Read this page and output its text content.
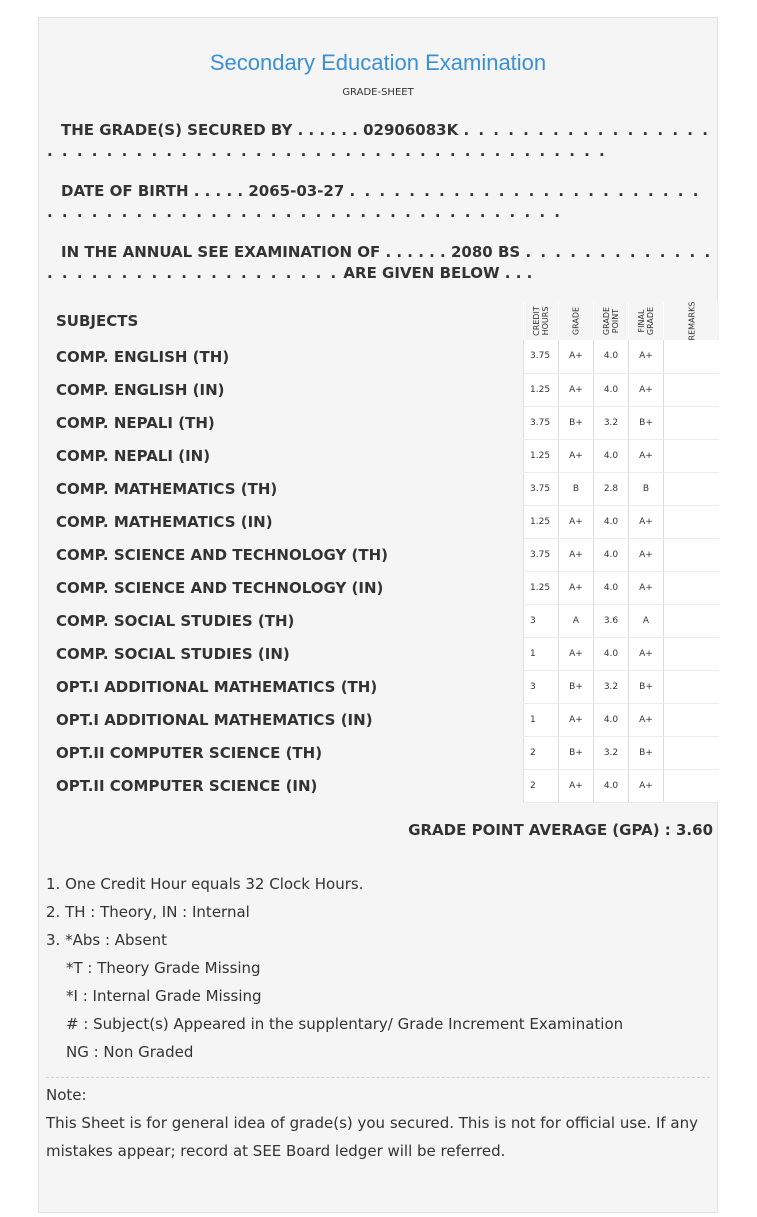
Secondary Education Examination
GRADE-SHEET
THE GRADE(S) SECURED BY . . . . . . 02906083K . . . . . . . . . . . . . . . . . . . . . . . . . . . . . . . . . . . . . . . . . . . . . . . . . . . . . . .
DATE OF BIRTH . . . . . 2065-03-27 . . . . . . . . . . . . . . . . . . . . . . . . . . . . . . . . . . . . . . . . . . . . . . . . . . . . . . . . . . .
IN THE ANNUAL SEE EXAMINATION OF . . . . . . 2080 BS . . . . . . . . . . . . . . . . . . . . . . . . . . . . . . . . . ARE GIVEN BELOW . . .
SUBJECTS	CREDIT HOURS	GRADE	GRADE POINT	FINAL GRADE	REMARKS

COMP. ENGLISH (TH)	3.75	A+	4.0	A+	
COMP. ENGLISH (IN)	1.25	A+	4.0	A+	
COMP. NEPALI (TH)	3.75	B+	3.2	B+	
COMP. NEPALI (IN)	1.25	A+	4.0	A+	
COMP. MATHEMATICS (TH)	3.75	B	2.8	B	
COMP. MATHEMATICS (IN)	1.25	A+	4.0	A+	
COMP. SCIENCE AND TECHNOLOGY (TH)	3.75	A+	4.0	A+	
COMP. SCIENCE AND TECHNOLOGY (IN)	1.25	A+	4.0	A+	
COMP. SOCIAL STUDIES (TH)	3	A	3.6	A	
COMP. SOCIAL STUDIES (IN)	1	A+	4.0	A+	
OPT.I ADDITIONAL MATHEMATICS (TH)	3	B+	3.2	B+	
OPT.I ADDITIONAL MATHEMATICS (IN)	1	A+	4.0	A+	
OPT.II COMPUTER SCIENCE (TH)	2	B+	3.2	B+	
OPT.II COMPUTER SCIENCE (IN)	2	A+	4.0	A+	
GRADE POINT AVERAGE (GPA) : 3.60
1. One Credit Hour equals 32 Clock Hours.
2. TH : Theory, IN : Internal
3. *Abs : Absent
*T : Theory Grade Missing
*I : Internal Grade Missing
# : Subject(s) Appeared in the supplentary/ Grade Increment Examination
NG : Non Graded
Note:
This Sheet is for general idea of grade(s) you secured. This is not for official use. If any mistakes appear; record at SEE Board ledger will be referred.
